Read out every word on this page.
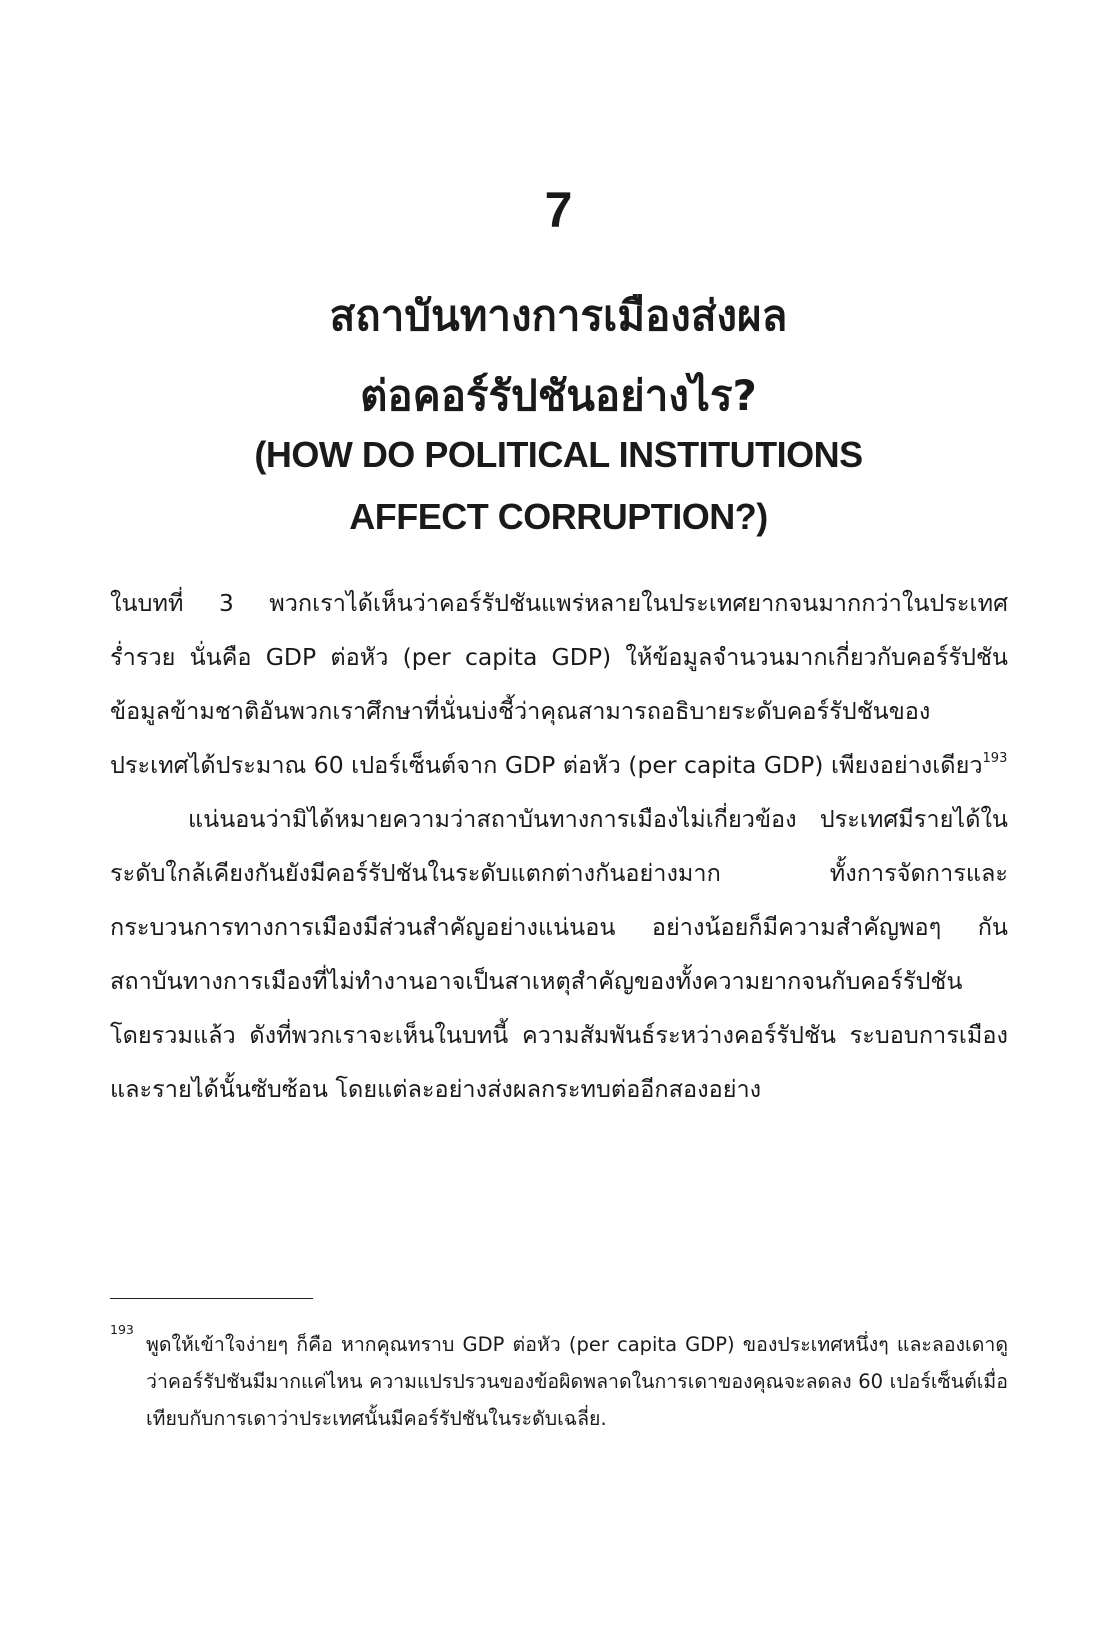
7
สถาบันทางการเมืองส่งผล
ต่อคอร์รัปชันอย่างไร?
(HOW DO POLITICAL INSTITUTIONS
AFFECT CORRUPTION?)

ในบทที่ 3 พวกเราได้เห็นว่าคอร์รัปชันแพร่หลายในประเทศยากจนมากกว่าในประเทศร่ำรวย นั่นคือ GDP ต่อหัว (per capita GDP) ให้ข้อมูลจำนวนมากเกี่ยวกับคอร์รัปชัน ข้อมูลข้ามชาติอันพวกเราศึกษาที่นั่นบ่งชี้ว่าคุณสามารถอธิบายระดับคอร์รัปชันของประเทศได้ประมาณ 60 เปอร์เซ็นต์จาก GDP ต่อหัว (per capita GDP) เพียงอย่างเดียว$^{193}$

แน่นอนว่ามิได้หมายความว่าสถาบันทางการเมืองไม่เกี่ยวข้อง ประเทศมีรายได้ในระดับใกล้เคียงกันยังมีคอร์รัปชันในระดับแตกต่างกันอย่างมาก ทั้งการจัดการและกระบวนการทางการเมืองมีส่วนสำคัญอย่างแน่นอน อย่างน้อยก็มีความสำคัญพอๆ กัน สถาบันทางการเมืองที่ไม่ทำงานอาจเป็นสาเหตุสำคัญของทั้งความยากจนกับคอร์รัปชัน โดยรวมแล้ว ดังที่พวกเราจะเห็นในบทนี้ ความสัมพันธ์ระหว่างคอร์รัปชัน ระบอบการเมือง และรายได้นั้นซับซ้อน โดยแต่ละอย่างส่งผลกระทบต่ออีกสองอย่าง

193
พูดให้เข้าใจง่ายๆ ก็คือ หากคุณทราบ GDP ต่อหัว (per capita GDP) ของประเทศหนึ่งๆ และลองเดาดูว่าคอร์รัปชันมีมากแค่ไหน ความแปรปรวนของข้อผิดพลาดในการเดาของคุณจะลดลง 60 เปอร์เซ็นต์เมื่อเทียบกับการเดาว่าประเทศนั้นมีคอร์รัปชันในระดับเฉลี่ย.
